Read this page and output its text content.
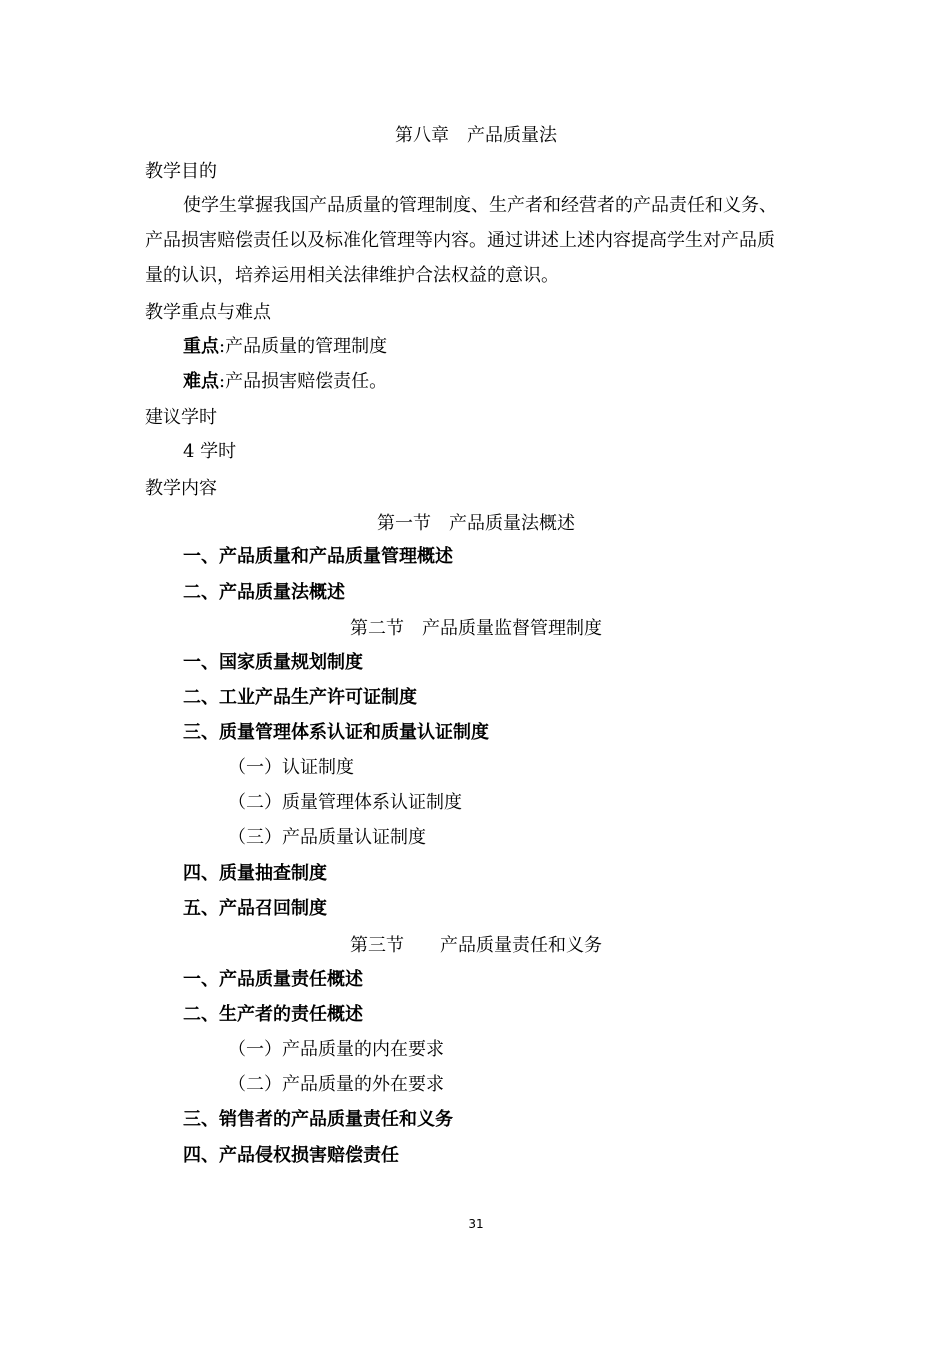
第八章　产品质量法
教学目的
使学生掌握我国产品质量的管理制度、生产者和经营者的产品责任和义务、
产品损害赔偿责任以及标准化管理等内容。通过讲述上述内容提高学生对产品质
量的认识，培养运用相关法律维护合法权益的意识。
教学重点与难点
重点:产品质量的管理制度
难点:产品损害赔偿责任。
建议学时
4 学时
教学内容
第一节　产品质量法概述
一、产品质量和产品质量管理概述
二、产品质量法概述
第二节　产品质量监督管理制度
一、国家质量规划制度
二、工业产品生产许可证制度
三、质量管理体系认证和质量认证制度
（一）认证制度
（二）质量管理体系认证制度
（三）产品质量认证制度
四、质量抽查制度
五、产品召回制度
第三节　　产品质量责任和义务
一、产品质量责任概述
二、生产者的责任概述
（一）产品质量的内在要求
（二）产品质量的外在要求
三、销售者的产品质量责任和义务
四、产品侵权损害赔偿责任
31
